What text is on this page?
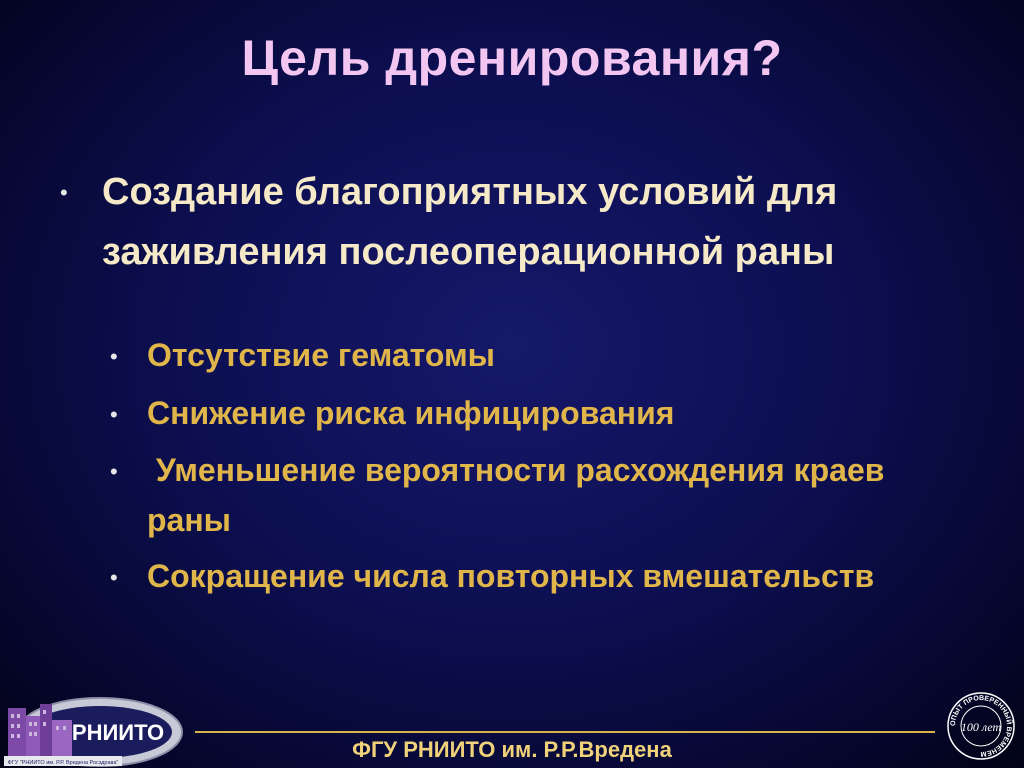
Цель дренирования?
• Создание благоприятных условий для заживления послеоперационной раны
• Отсутствие гематомы
• Снижение риска инфицирования
• Уменьшение вероятности расхождения краев раны
• Сокращение числа повторных вмешательств
РНИИТО
ФГУ "РНИИТО им. Р.Р. Вредена Росздрава"
ФГУ РНИИТО им. Р.Р.Вредена
ОПЫТ ПРОВЕРЕННЫЙ ВРЕМЕНЕМ
100 лет
